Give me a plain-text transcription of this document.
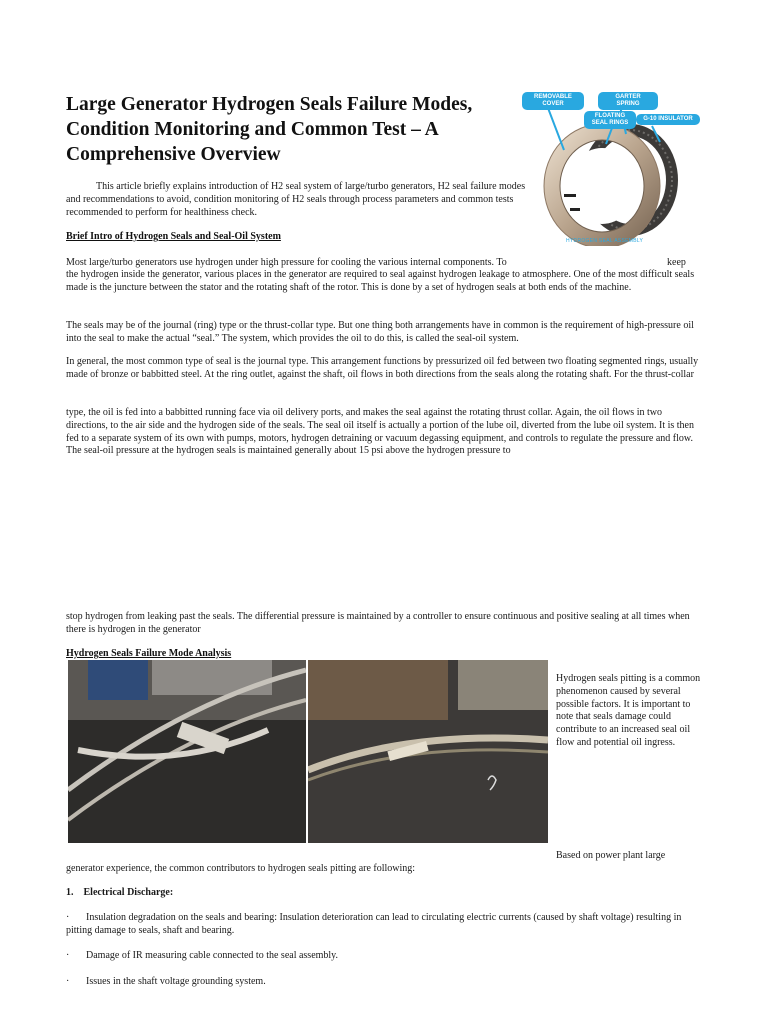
Large Generator Hydrogen Seals Failure Modes, Condition Monitoring and Common Test – A Comprehensive Overview
REMOVABLE
COVER
GARTER
SPRING
FLOATING
SEAL RINGS
G-10 INSULATOR
HYDROGEN SEAL ASSEMBLY
This article briefly explains introduction of H2 seal system of large/turbo generators, H2 seal failure modes and recommendations to avoid, condition monitoring of H2 seals through process parameters and common tests recommended to perform for healthiness check.
Brief Intro of Hydrogen Seals and Seal-Oil System
Most large/turbo generators use hydrogen under high pressure for cooling the various internal components. To	keep
the hydrogen inside the generator, various places in the generator are required to seal against hydrogen leakage to atmosphere. One of the most difficult seals made is the juncture between the stator and the rotating shaft of the rotor. This is done by a set of hydrogen seals at both ends of the machine.
The seals may be of the journal (ring) type or the thrust-collar type. But one thing both arrangements have in common is the requirement of high-pressure oil into the seal to make the actual “seal.” The system, which provides the oil to do this, is called the seal-oil system.
In general, the most common type of seal is the journal type. This arrangement functions by pressurized oil fed between two floating segmented rings, usually made of bronze or babbitted steel. At the ring outlet, against the shaft, oil flows in both directions from the seals along the rotating shaft. For the thrust-collar
type, the oil is fed into a babbitted running face via oil delivery ports, and makes the seal against the rotating thrust collar. Again, the oil flows in two directions, to the air side and the hydrogen side of the seals. The seal oil itself is actually a portion of the lube oil, diverted from the lube oil system. It is then fed to a separate system of its own with pumps, motors, hydrogen detraining or vacuum degassing equipment, and controls to regulate the pressure and flow. The seal-oil pressure at the hydrogen seals is maintained generally about 15 psi above the hydrogen pressure to
stop hydrogen from leaking past the seals. The differential pressure is maintained by a controller to ensure continuous and positive sealing at all times when there is hydrogen in the generator
Hydrogen Seals Failure Mode Analysis
Hydrogen seals pitting is a common phenomenon caused by several possible factors. It is important to note that seals damage could contribute to an increased seal oil flow and potential oil ingress.
Based on power plant large
generator experience, the common contributors to hydrogen seals pitting are following:
1.    Electrical Discharge:
·	Insulation degradation on the seals and bearing: Insulation deterioration can lead to circulating electric currents (caused by shaft voltage) resulting in pitting damage to seals, shaft and bearing.
· Damage of IR measuring cable connected to the seal assembly.
· Issues in the shaft voltage grounding system.
